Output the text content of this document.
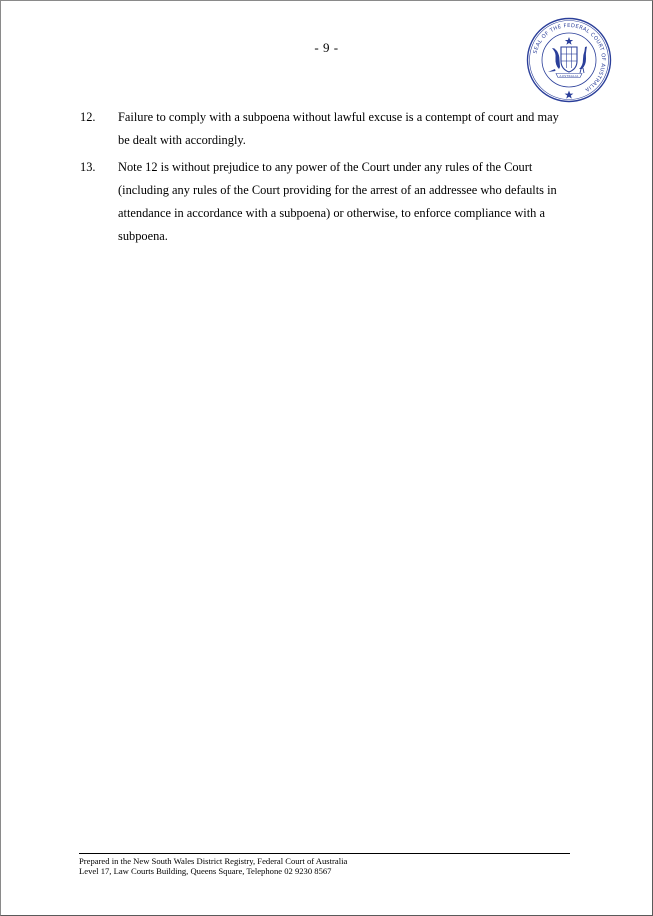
- 9 -	SEAL OF THE FEDERAL COURT OF AUSTRALIA
AUSTRALIA
12.	Failure to comply with a subpoena without lawful excuse is a contempt of court and may be dealt with accordingly.
13.	Note 12 is without prejudice to any power of the Court under any rules of the Court (including any rules of the Court providing for the arrest of an addressee who defaults in attendance in accordance with a subpoena) or otherwise, to enforce compliance with a subpoena.
Prepared in the New South Wales District Registry, Federal Court of Australia
Level 17, Law Courts Building, Queens Square, Telephone 02 9230 8567
